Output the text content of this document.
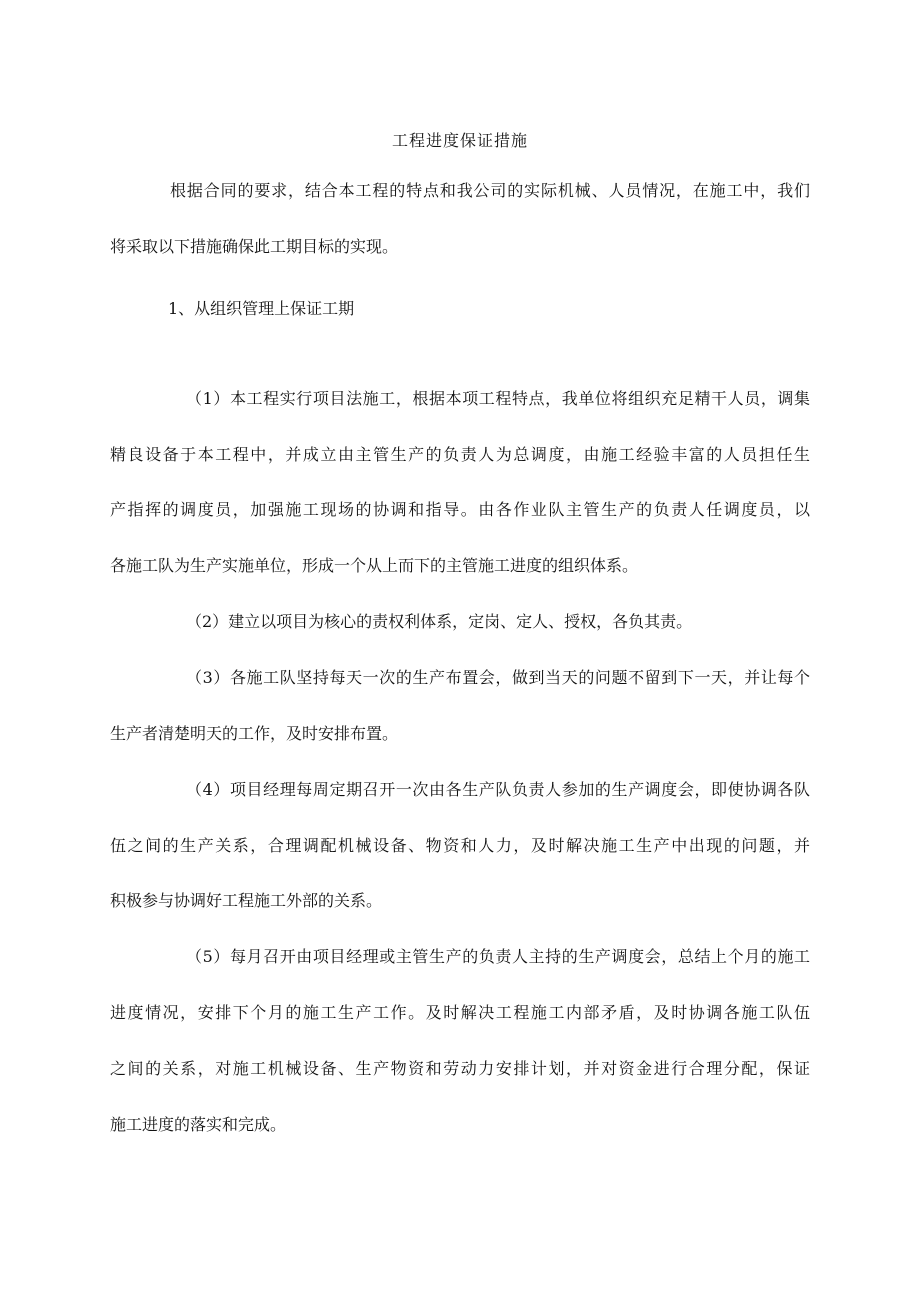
工程进度保证措施
根据合同的要求，结合本工程的特点和我公司的实际机械、人员情况，在施工中，我们
将采取以下措施确保此工期目标的实现。
1、从组织管理上保证工期
（1）本工程实行项目法施工，根据本项工程特点，我单位将组织充足精干人员，调集
精良设备于本工程中，并成立由主管生产的负责人为总调度，由施工经验丰富的人员担任生
产指挥的调度员，加强施工现场的协调和指导。由各作业队主管生产的负责人任调度员，以
各施工队为生产实施单位，形成一个从上而下的主管施工进度的组织体系。
（2）建立以项目为核心的责权利体系，定岗、定人、授权，各负其责。
（3）各施工队坚持每天一次的生产布置会，做到当天的问题不留到下一天，并让每个
生产者清楚明天的工作，及时安排布置。
（4）项目经理每周定期召开一次由各生产队负责人参加的生产调度会，即使协调各队
伍之间的生产关系，合理调配机械设备、物资和人力，及时解决施工生产中出现的问题，并
积极参与协调好工程施工外部的关系。
（5）每月召开由项目经理或主管生产的负责人主持的生产调度会，总结上个月的施工
进度情况，安排下个月的施工生产工作。及时解决工程施工内部矛盾，及时协调各施工队伍
之间的关系，对施工机械设备、生产物资和劳动力安排计划，并对资金进行合理分配，保证
施工进度的落实和完成。
